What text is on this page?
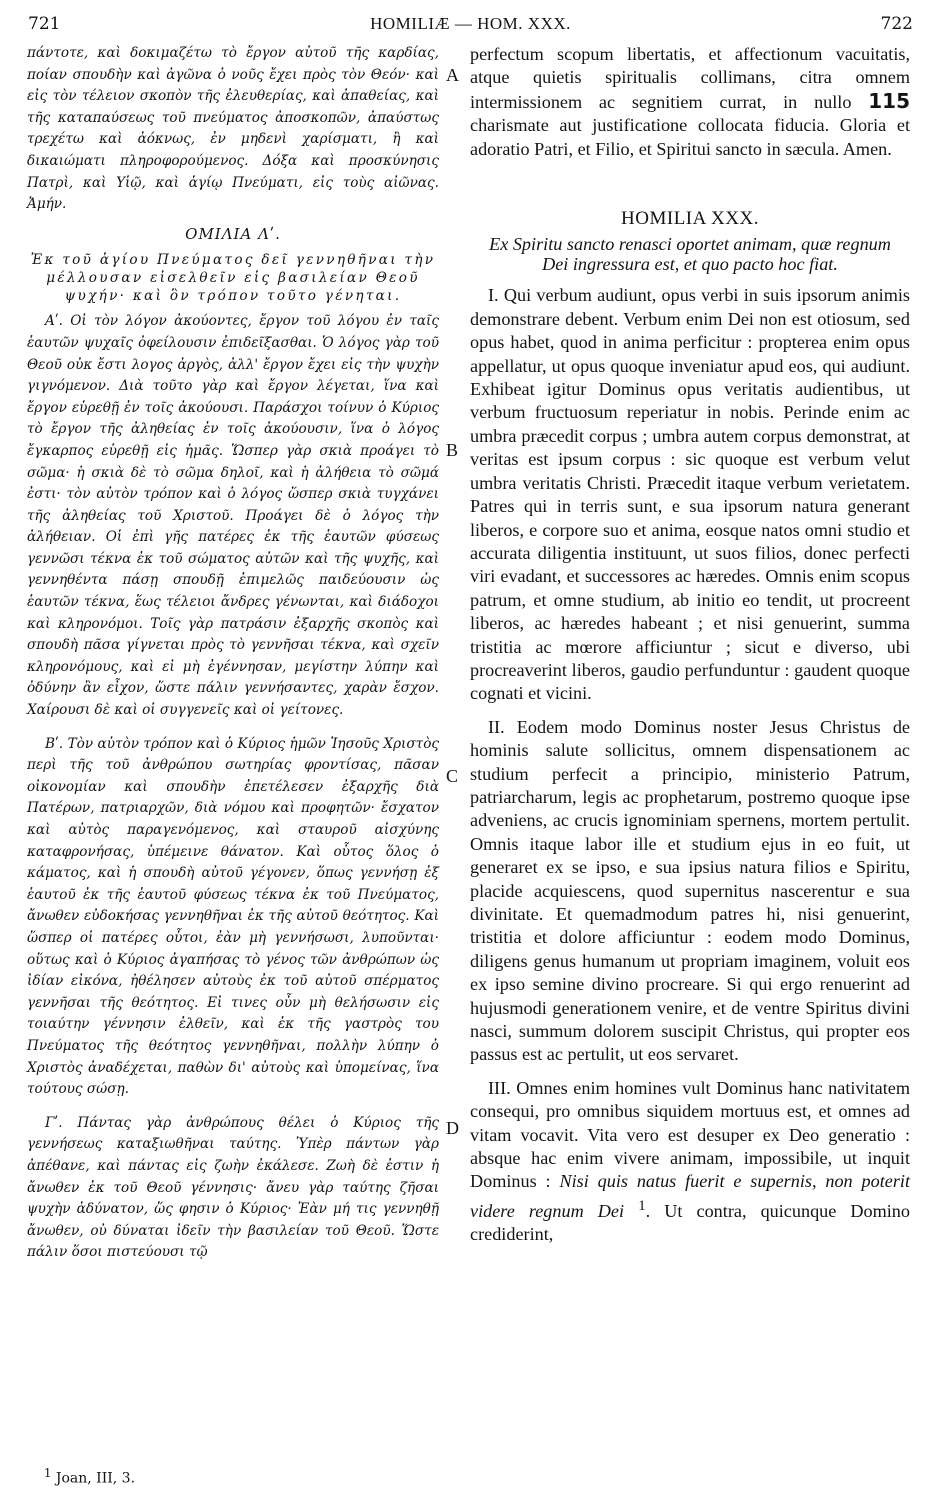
721	HOMILIÆ — HOM. XXX.	722

πάντοτε, καὶ δοκιμαζέτω τὸ ἔργον αὐτοῦ τῆς καρδίας, ποίαν σπουδὴν καὶ ἀγῶνα ὁ νοῦς ἔχει πρὸς τὸν Θεόν· καὶ εἰς τὸν τέλειον σκοπὸν τῆς ἐλευθερίας, καὶ ἀπαθείας, καὶ τῆς καταπαύσεως τοῦ πνεύματος ἀποσκοπῶν, ἀπαύστως τρεχέτω καὶ ἀόκνως, ἐν μηδενὶ χαρίσματι, ἢ καὶ δικαιώματι πληροφορούμενος. Δόξα καὶ προσκύνησις Πατρὶ, καὶ Υἱῷ, καὶ ἁγίῳ Πνεύματι, εἰς τοὺς αἰῶνας. Ἀμήν.

ΟΜΙΛΙΑ Λʹ.
Ἐκ τοῦ ἁγίου Πνεύματος δεῖ γεννηθῆναι τὴν μέλλουσαν εἰσελθεῖν εἰς βασιλείαν Θεοῦ ψυχήν· καὶ ὃν τρόπον τοῦτο γένηται.

Αʹ. Οἱ τὸν λόγον ἀκούοντες, ἔργον τοῦ λόγου ἐν ταῖς ἑαυτῶν ψυχαῖς ὀφείλουσιν ἐπιδεῖξασθαι. Ὁ λόγος γὰρ τοῦ Θεοῦ οὐκ ἔστι λογος ἀργὸς, ἀλλ' ἔργον ἔχει εἰς τὴν ψυχὴν γιγνόμενον. Διὰ τοῦτο γὰρ καὶ ἔργον λέγεται, ἵνα καὶ ἔργον εὑρεθῇ ἐν τοῖς ἀκούουσι. Παράσχοι τοίνυν ὁ Κύριος τὸ ἔργον τῆς ἀληθείας ἐν τοῖς ἀκούουσιν, ἵνα ὁ λόγος ἔγκαρπος εὑρεθῇ εἰς ἡμᾶς. Ὥσπερ γὰρ σκιὰ προάγει τὸ σῶμα· ἡ σκιὰ δὲ τὸ σῶμα δηλοῖ, καὶ ἡ ἀλήθεια τὸ σῶμά ἐστι· τὸν αὐτὸν τρόπον καὶ ὁ λόγος ὥσπερ σκιὰ τυγχάνει τῆς ἀληθείας τοῦ Χριστοῦ. Προάγει δὲ ὁ λόγος τὴν ἀλήθειαν. Οἱ ἐπὶ γῆς πατέρες ἐκ τῆς ἑαυτῶν φύσεως γεννῶσι τέκνα ἐκ τοῦ σώματος αὐτῶν καὶ τῆς ψυχῆς, καὶ γεννηθέντα πάσῃ σπουδῇ ἐπιμελῶς παιδεύουσιν ὡς ἑαυτῶν τέκνα, ἕως τέλειοι ἄνδρες γένωνται, καὶ διάδοχοι καὶ κληρονόμοι. Τοῖς γὰρ πατράσιν ἐξαρχῆς σκοπὸς καὶ σπουδὴ πᾶσα γίγνεται πρὸς τὸ γεννῆσαι τέκνα, καὶ σχεῖν κληρονόμους, καὶ εἰ μὴ ἐγέννησαν, μεγίστην λύπην καὶ ὀδύνην ἂν εἶχον, ὥστε πάλιν γεννήσαντες, χαρὰν ἔσχον. Χαίρουσι δὲ καὶ οἱ συγγενεῖς καὶ οἱ γείτονες.

Βʹ. Τὸν αὐτὸν τρόπον καὶ ὁ Κύριος ἡμῶν Ἰησοῦς Χριστὸς περὶ τῆς τοῦ ἀνθρώπου σωτηρίας φροντίσας, πᾶσαν οἰκονομίαν καὶ σπουδὴν ἐπετέλεσεν ἐξαρχῆς διὰ Πατέρων, πατριαρχῶν, διὰ νόμου καὶ προφητῶν· ἔσχατον καὶ αὐτὸς παραγενόμενος, καὶ σταυροῦ αἰσχύνης καταφρονήσας, ὑπέμεινε θάνατον. Καὶ οὗτος ὅλος ὁ κάματος, καὶ ἡ σπουδὴ αὐτοῦ γέγονεν, ὅπως γεννήσῃ ἐξ ἑαυτοῦ ἐκ τῆς ἑαυτοῦ φύσεως τέκνα ἐκ τοῦ Πνεύματος, ἄνωθεν εὐδοκήσας γεννηθῆναι ἐκ τῆς αὐτοῦ θεότητος. Καὶ ὥσπερ οἱ πατέρες οὗτοι, ἐὰν μὴ γεννήσωσι, λυποῦνται· οὕτως καὶ ὁ Κύριος ἀγαπήσας τὸ γένος τῶν ἀνθρώπων ὡς ἰδίαν εἰκόνα, ἠθέλησεν αὐτοὺς ἐκ τοῦ αὐτοῦ σπέρματος γεννῆσαι τῆς θεότητος. Εἰ τινες οὖν μὴ θελήσωσιν εἰς τοιαύτην γέννησιν ἐλθεῖν, καὶ ἐκ τῆς γαστρὸς του Πνεύματος τῆς θεότητος γεννηθῆναι, πολλὴν λύπην ὁ Χριστὸς ἀναδέχεται, παθὼν δι' αὐτοὺς καὶ ὑπομείνας, ἵνα τούτους σώσῃ.

Γʹ. Πάντας γὰρ ἀνθρώπους θέλει ὁ Κύριος τῆς γεννήσεως καταξιωθῆναι ταύτης. Ὑπὲρ πάντων γὰρ ἀπέθανε, καὶ πάντας εἰς ζωὴν ἐκάλεσε. Ζωὴ δὲ ἐστιν ἡ ἄνωθεν ἐκ τοῦ Θεοῦ γέννησις· ἄνευ γὰρ ταύτης ζῆσαι ψυχὴν ἀδύνατον, ὥς φησιν ὁ Κύριος· Ἐὰν μή τις γεννηθῇ ἄνωθεν, οὐ δύναται ἰδεῖν τὴν βασιλείαν τοῦ Θεοῦ. Ὥστε πάλιν ὅσοι πιστεύουσι τῷ

A
B
C
D

perfectum scopum libertatis, et affectionum vacuitatis, atque quietis spiritualis collimans, citra omnem intermissionem ac segnitiem currat, in nullo 115 charismate aut justificatione collocata fiducia. Gloria et adoratio Patri, et Filio, et Spiritui sancto in sæcula. Amen.

HOMILIA XXX.
Ex Spiritu sancto renasci oportet animam, quæ regnum Dei ingressura est, et quo pacto hoc fiat.

I. Qui verbum audiunt, opus verbi in suis ipsorum animis demonstrare debent. Verbum enim Dei non est otiosum, sed opus habet, quod in anima perficitur : propterea enim opus appellatur, ut opus quoque inveniatur apud eos, qui audiunt. Exhibeat igitur Dominus opus veritatis audientibus, ut verbum fructuosum reperiatur in nobis. Perinde enim ac umbra præcedit corpus ; umbra autem corpus demonstrat, at veritas est ipsum corpus : sic quoque est verbum velut umbra veritatis Christi. Præcedit itaque verbum verietatem. Patres qui in terris sunt, e sua ipsorum natura generant liberos, e corpore suo et anima, eosque natos omni studio et accurata diligentia instituunt, ut suos filios, donec perfecti viri evadant, et successores ac hæredes. Omnis enim scopus patrum, et omne studium, ab initio eo tendit, ut procreent liberos, ac hæredes habeant ; et nisi genuerint, summa tristitia ac mœrore afficiuntur ; sicut e diverso, ubi procreaverint liberos, gaudio perfunduntur : gaudent quoque cognati et vicini.

II. Eodem modo Dominus noster Jesus Christus de hominis salute sollicitus, omnem dispensationem ac studium perfecit a principio, ministerio Patrum, patriarcharum, legis ac prophetarum, postremo quoque ipse adveniens, ac crucis ignominiam spernens, mortem pertulit. Omnis itaque labor ille et studium ejus in eo fuit, ut generaret ex se ipso, e sua ipsius natura filios e Spiritu, placide acquiescens, quod supernitus nascerentur e sua divinitate. Et quemadmodum patres hi, nisi genuerint, tristitia et dolore afficiuntur : eodem modo Dominus, diligens genus humanum ut propriam imaginem, voluit eos ex ipso semine divino procreare. Si qui ergo renuerint ad hujusmodi generationem venire, et de ventre Spiritus divini nasci, summum dolorem suscipit Christus, qui propter eos passus est ac pertulit, ut eos servaret.

III. Omnes enim homines vult Dominus hanc nativitatem consequi, pro omnibus siquidem mortuus est, et omnes ad vitam vocavit. Vita vero est desuper ex Deo generatio : absque hac enim vivere animam, impossibile, ut inquit Dominus : Nisi quis natus fuerit e supernis, non poterit videre regnum Dei $^1$. Ut contra, quicunque Domino crediderint,

$^1$ Joan, III, 3.
